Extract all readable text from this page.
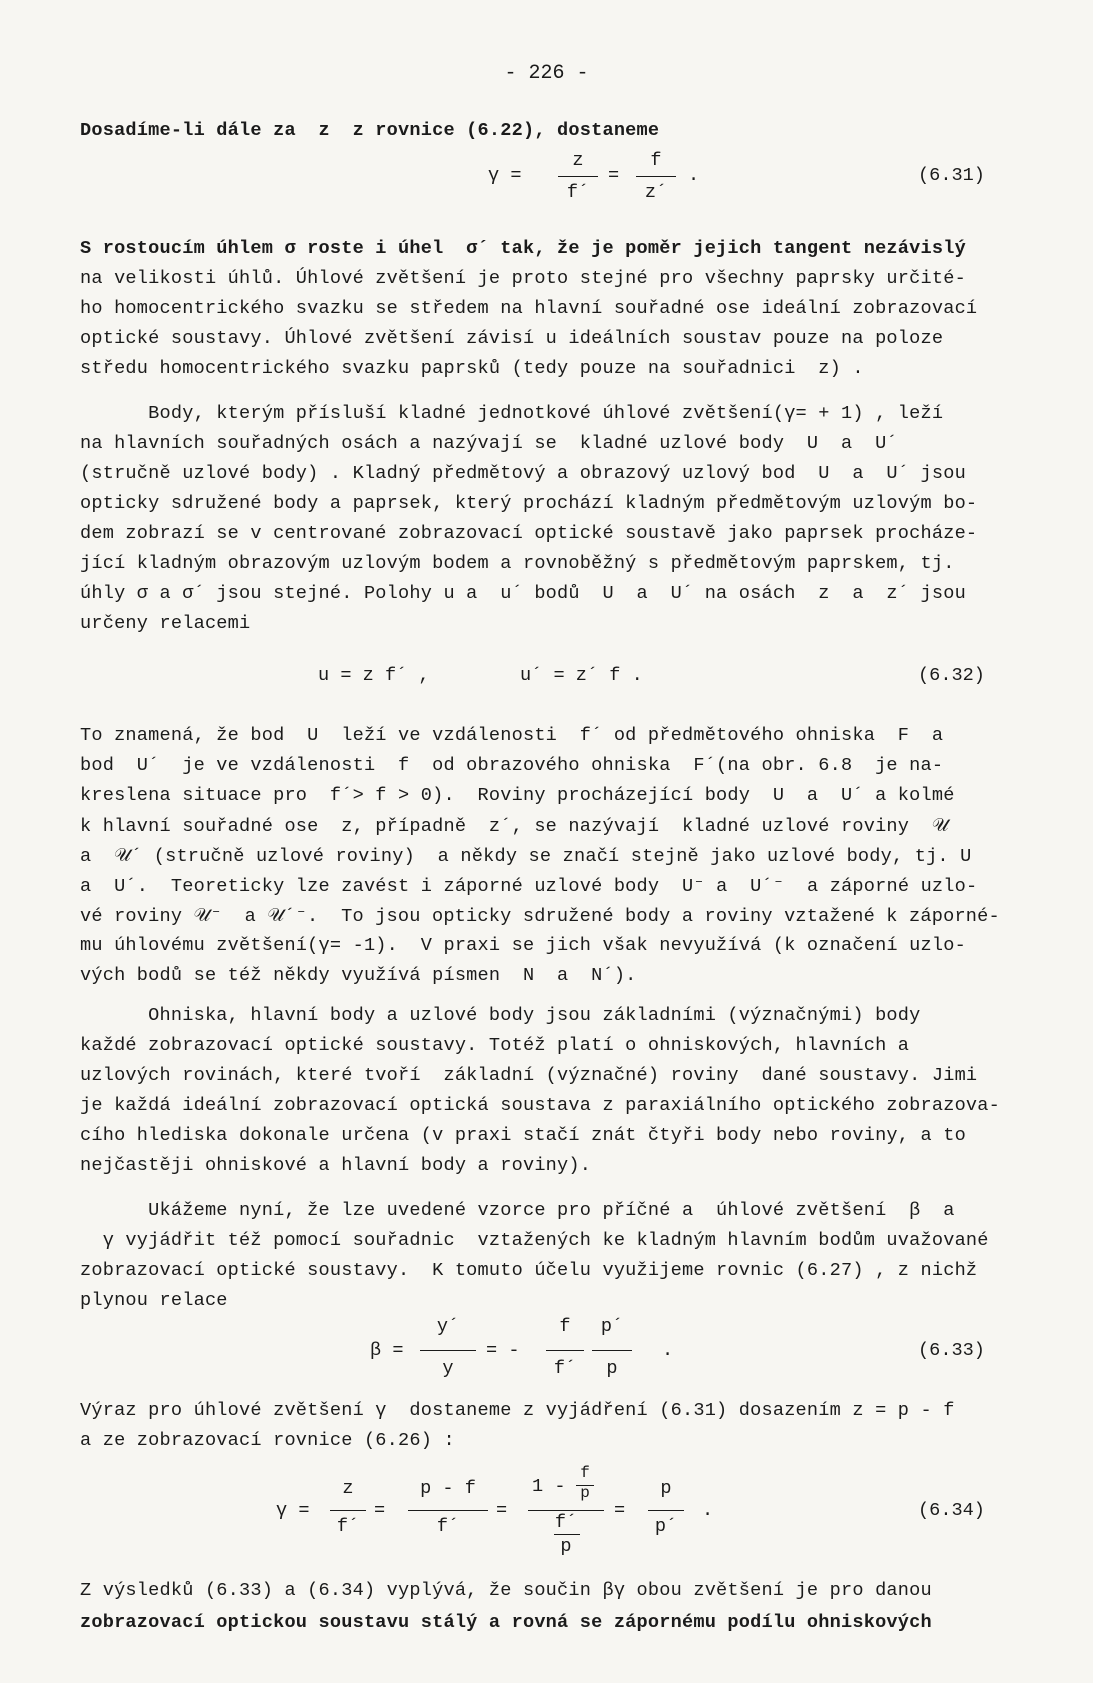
- 226 -
Dosadíme-li dále za  z  z rovnice (6.22), dostaneme
γ =
z
f´
=
f
z´
.	(6.31)
S rostoucím úhlem σ roste i úhel  σ´ tak, že je poměr jejich tangent nezávislý
na velikosti úhlů. Úhlové zvětšení je proto stejné pro všechny paprsky určité-
ho homocentrického svazku se středem na hlavní souřadné ose ideální zobrazovací
optické soustavy. Úhlové zvětšení závisí u ideálních soustav pouze na poloze
středu homocentrického svazku paprsků (tedy pouze na souřadnici  z) .
Body, kterým přísluší kladné jednotkové úhlové zvětšení(γ= + 1) , leží
na hlavních souřadných osách a nazývají se  kladné uzlové body  U  a  U´
(stručně uzlové body) . Kladný předmětový a obrazový uzlový bod  U  a  U´ jsou
opticky sdružené body a paprsek, který prochází kladným předmětovým uzlovým bo-
dem zobrazí se v centrované zobrazovací optické soustavě jako paprsek procháze-
jící kladným obrazovým uzlovým bodem a rovnoběžný s předmětovým paprskem, tj.
úhly σ a σ´ jsou stejné. Polohy u a  u´ bodů  U  a  U´ na osách  z  a  z´ jsou
určeny relacemi
u = z f´ ,	u´ = z´ f .	(6.32)
To znamená, že bod  U  leží ve vzdálenosti  f´ od předmětového ohniska  F  a
bod  U´  je ve vzdálenosti  f  od obrazového ohniska  F´(na obr. 6.8  je na-
kreslena situace pro  f´> f > 0).  Roviny procházející body  U  a  U´ a kolmé
k hlavní souřadné ose  z, případně  z´, se nazývají  kladné uzlové roviny  𝒰
a  𝒰´ (stručně uzlové roviny)  a někdy se značí stejně jako uzlové body, tj. U
a  U´.  Teoreticky lze zavést i záporné uzlové body  U⁻ a  U´⁻  a záporné uzlo-
vé roviny 𝒰⁻  a 𝒰´⁻.  To jsou opticky sdružené body a roviny vztažené k záporné-
mu úhlovému zvětšení(γ= -1).  V praxi se jich však nevyužívá (k označení uzlo-
vých bodů se též někdy využívá písmen  N  a  N´).
Ohniska, hlavní body a uzlové body jsou základními (význačnými) body
každé zobrazovací optické soustavy. Totéž platí o ohniskových, hlavních a
uzlových rovinách, které tvoří  základní (význačné) roviny  dané soustavy. Jimi
je každá ideální zobrazovací optická soustava z paraxiálního optického zobrazova-
cího hlediska dokonale určena (v praxi stačí znát čtyři body nebo roviny, a to
nejčastěji ohniskové a hlavní body a roviny).
Ukážeme nyní, že lze uvedené vzorce pro příčné a  úhlové zvětšení  β  a
γ vyjádřit též pomocí souřadnic  vztažených ke kladným hlavním bodům uvažované
zobrazovací optické soustavy.  K tomuto účelu využijeme rovnic (6.27) , z nichž
plynou relace
β =
y´
y
= -
f
f´
p´
p
.	(6.33)
Výraz pro úhlové zvětšení γ  dostaneme z vyjádření (6.31) dosazením z = p - f
a ze zobrazovací rovnice (6.26) :
γ =
z
f´
=
p - f
f´
=
1 -
f
p
f´
p
=
p
p´
.	(6.34)
Z výsledků (6.33) a (6.34) vyplývá, že součin βγ obou zvětšení je pro danou
zobrazovací optickou soustavu stálý a rovná se zápornému podílu ohniskových
